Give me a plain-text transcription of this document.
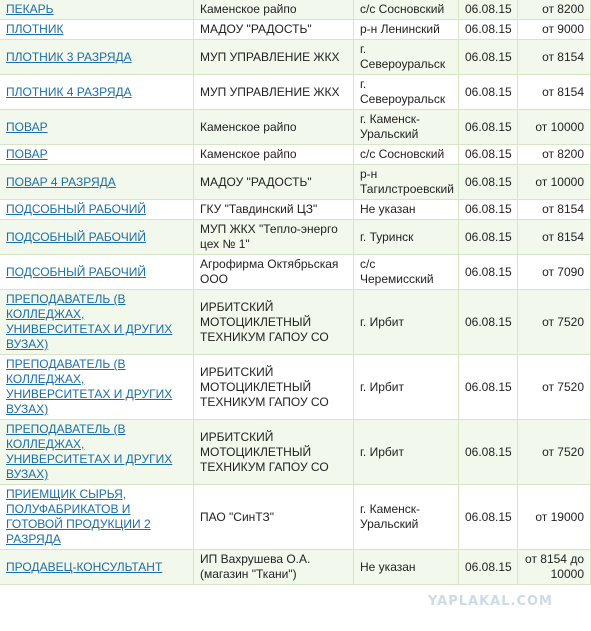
ПЕКАРЬ	Каменское райпо	с/с Сосновский	06.08.15	от 8200
ПЛОТНИК	МАДОУ "РАДОСТЬ"	р-н Ленинский	06.08.15	от 9000
ПЛОТНИК 3 РАЗРЯДА	МУП УПРАВЛЕНИЕ ЖКХ	г. Североуральск	06.08.15	от 8154
ПЛОТНИК 4 РАЗРЯДА	МУП УПРАВЛЕНИЕ ЖКХ	г. Североуральск	06.08.15	от 8154
ПОВАР	Каменское райпо	г. Каменск-Уральский	06.08.15	от 10000
ПОВАР	Каменское райпо	с/с Сосновский	06.08.15	от 8200
ПОВАР 4 РАЗРЯДА	МАДОУ "РАДОСТЬ"	р-н Тагилстроевский	06.08.15	от 10000
ПОДСОБНЫЙ РАБОЧИЙ	ГКУ "Тавдинский ЦЗ"	Не указан	06.08.15	от 8154
ПОДСОБНЫЙ РАБОЧИЙ	МУП ЖКХ "Тепло-энерго цех № 1"	г. Туринск	06.08.15	от 8154
ПОДСОБНЫЙ РАБОЧИЙ	Агрофирма Октябрьская ООО	с/с Черемисский	06.08.15	от 7090
ПРЕПОДАВАТЕЛЬ (В КОЛЛЕДЖАХ, УНИВЕРСИТЕТАХ И ДРУГИХ ВУЗАХ)	ИРБИТСКИЙ МОТОЦИКЛЕТНЫЙ ТЕХНИКУМ ГАПОУ СО	г. Ирбит	06.08.15	от 7520
ПРЕПОДАВАТЕЛЬ (В КОЛЛЕДЖАХ, УНИВЕРСИТЕТАХ И ДРУГИХ ВУЗАХ)	ИРБИТСКИЙ МОТОЦИКЛЕТНЫЙ ТЕХНИКУМ ГАПОУ СО	г. Ирбит	06.08.15	от 7520
ПРЕПОДАВАТЕЛЬ (В КОЛЛЕДЖАХ, УНИВЕРСИТЕТАХ И ДРУГИХ ВУЗАХ)	ИРБИТСКИЙ МОТОЦИКЛЕТНЫЙ ТЕХНИКУМ ГАПОУ СО	г. Ирбит	06.08.15	от 7520
ПРИЕМЩИК СЫРЬЯ, ПОЛУФАБРИКАТОВ И ГОТОВОЙ ПРОДУКЦИИ 2 РАЗРЯДА	ПАО "СинТЗ"	г. Каменск-Уральский	06.08.15	от 19000
ПРОДАВЕЦ-КОНСУЛЬТАНТ	ИП Вахрушева О.А. (магазин "Ткани")	Не указан	06.08.15	от 8154 до 10000
YAPLAKAL.COM
